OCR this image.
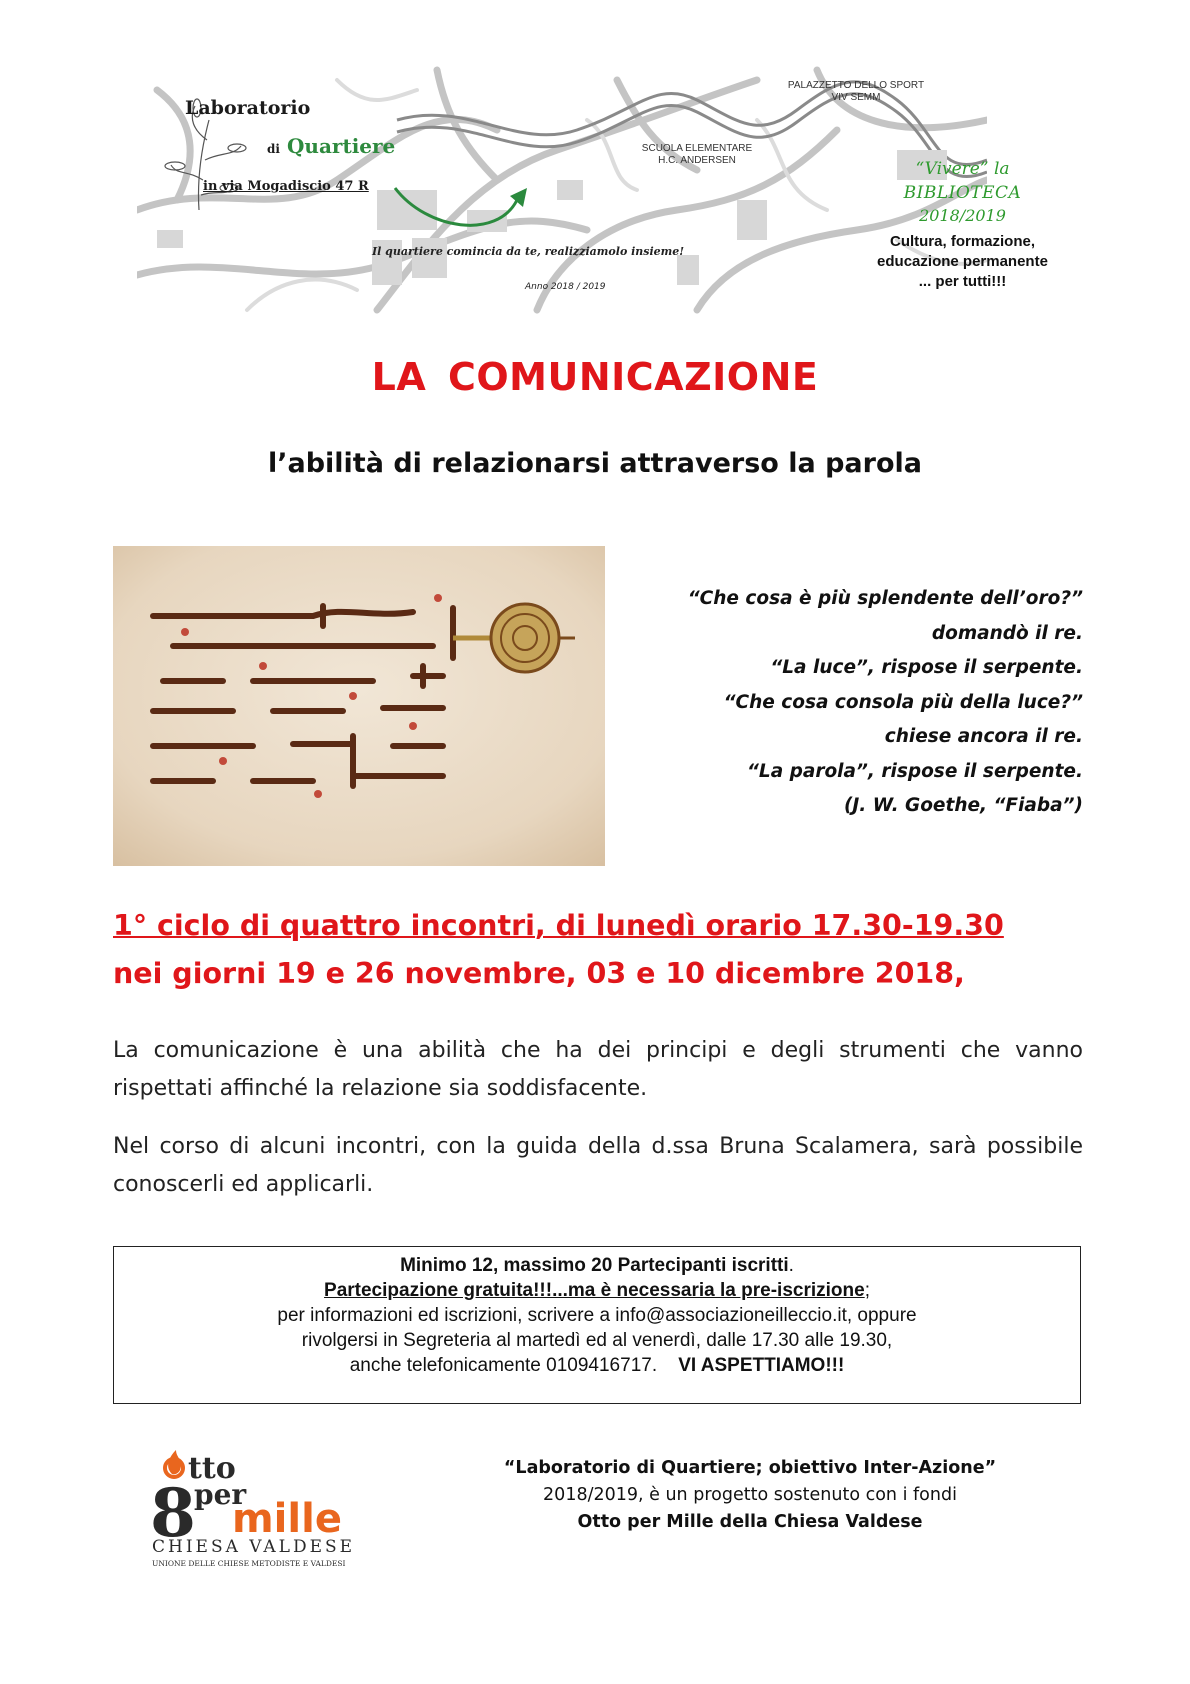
Laboratorio
di Quartiere
in via Mogadiscio 47 R
Il quartiere comincia da te, realizziamolo insieme!
Anno 2018 / 2019
SCUOLA ELEMENTARE
H.C. ANDERSEN
PALAZZETTO DELLO SPORT
VIV SEMM
“Vivere” la
BIBLIOTECA
2018/2019
Cultura, formazione,
educazione permanente
... per tutti!!!
LA COMUNICAZIONE
l’abilità di relazionarsi attraverso la parola
“Che cosa è più splendente dell’oro?”
domandò il re.
“La luce”, rispose il serpente.
“Che cosa consola più della luce?”
chiese ancora il re.
“La parola”, rispose il serpente.
(J. W. Goethe, “Fiaba”)
1° ciclo di quattro incontri, di lunedì orario 17.30-19.30
nei giorni 19 e 26 novembre, 03 e 10 dicembre 2018,
La comunicazione è una abilità che ha dei principi e degli strumenti che vanno rispettati affinché la relazione sia soddisfacente.
Nel corso di alcuni incontri, con la guida della d.ssa Bruna Scalamera, sarà possibile conoscerli ed applicarli.
Minimo 12, massimo 20 Partecipanti iscritti.
Partecipazione gratuita!!!...ma è necessaria la pre-iscrizione;
per informazioni ed iscrizioni, scrivere a info@associazioneilleccio.it, oppure
rivolgersi in Segreteria al martedì ed al venerdì, dalle 17.30 alle 19.30,
anche telefonicamente 0109416717. VI ASPETTIAMO!!!
tto
8
per
mille
CHIESA VALDESE
UNIONE DELLE CHIESE METODISTE E VALDESI
“Laboratorio di Quartiere; obiettivo Inter-Azione”
2018/2019, è un progetto sostenuto con i fondi
Otto per Mille della Chiesa Valdese
